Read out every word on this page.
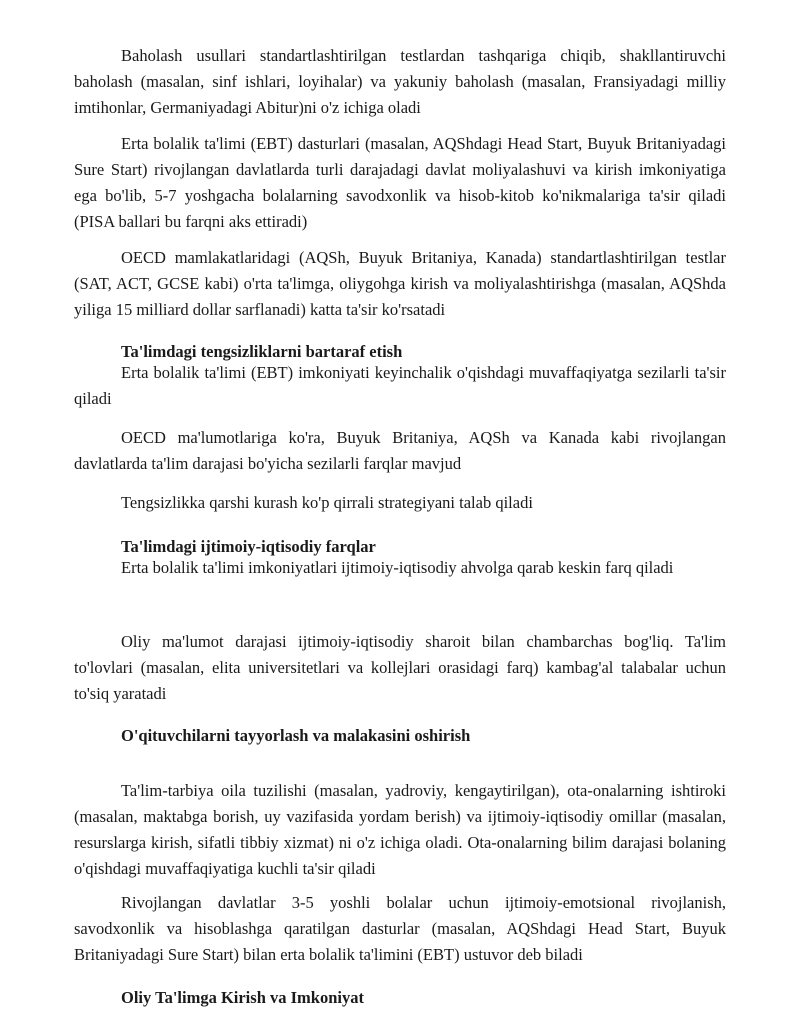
Baholash usullari standartlashtirilgan testlardan tashqariga chiqib, shakllantiruvchi baholash (masalan, sinf ishlari, loyihalar) va yakuniy baholash (masalan, Fransiyadagi milliy imtihonlar, Germaniyadagi Abitur)ni o'z ichiga oladi

Erta bolalik ta'limi (EBT) dasturlari (masalan, AQShdagi Head Start, Buyuk Britaniyadagi Sure Start) rivojlangan davlatlarda turli darajadagi davlat moliyalashuvi va kirish imkoniyatiga ega bo'lib, 5-7 yoshgacha bolalarning savodxonlik va hisob-kitob ko'nikmalariga ta'sir qiladi (PISA ballari bu farqni aks ettiradi)

OECD mamlakatlaridagi (AQSh, Buyuk Britaniya, Kanada) standartlashtirilgan testlar (SAT, ACT, GCSE kabi) o'rta ta'limga, oliygohga kirish va moliyalashtirishga (masalan, AQShda yiliga 15 milliard dollar sarflanadi) katta ta'sir ko'rsatadi

Ta'limdagi tengsizliklarni bartaraf etish

Erta bolalik ta'limi (EBT) imkoniyati keyinchalik o'qishdagi muvaffaqiyatga sezilarli ta'sir qiladi

OECD ma'lumotlariga ko'ra, Buyuk Britaniya, AQSh va Kanada kabi rivojlangan davlatlarda ta'lim darajasi bo'yicha sezilarli farqlar mavjud

Tengsizlikka qarshi kurash ko'p qirrali strategiyani talab qiladi

Ta'limdagi ijtimoiy-iqtisodiy farqlar

Erta bolalik ta'limi imkoniyatlari ijtimoiy-iqtisodiy ahvolga qarab keskin farq qiladi

Oliy ma'lumot darajasi ijtimoiy-iqtisodiy sharoit bilan chambarchas bog'liq. Ta'lim to'lovlari (masalan, elita universitetlari va kollejlari orasidagi farq) kambag'al talabalar uchun to'siq yaratadi

O'qituvchilarni tayyorlash va malakasini oshirish

Ta'lim-tarbiya oila tuzilishi (masalan, yadroviy, kengaytirilgan), ota-onalarning ishtiroki (masalan, maktabga borish, uy vazifasida yordam berish) va ijtimoiy-iqtisodiy omillar (masalan, resurslarga kirish, sifatli tibbiy xizmat) ni o'z ichiga oladi. Ota-onalarning bilim darajasi bolaning o'qishdagi muvaffaqiyatiga kuchli ta'sir qiladi

Rivojlangan davlatlar 3-5 yoshli bolalar uchun ijtimoiy-emotsional rivojlanish, savodxonlik va hisoblashga qaratilgan dasturlar (masalan, AQShdagi Head Start, Buyuk Britaniyadagi Sure Start) bilan erta bolalik ta'limini (EBT) ustuvor deb biladi

Oliy Ta'limga Kirish va Imkoniyat
